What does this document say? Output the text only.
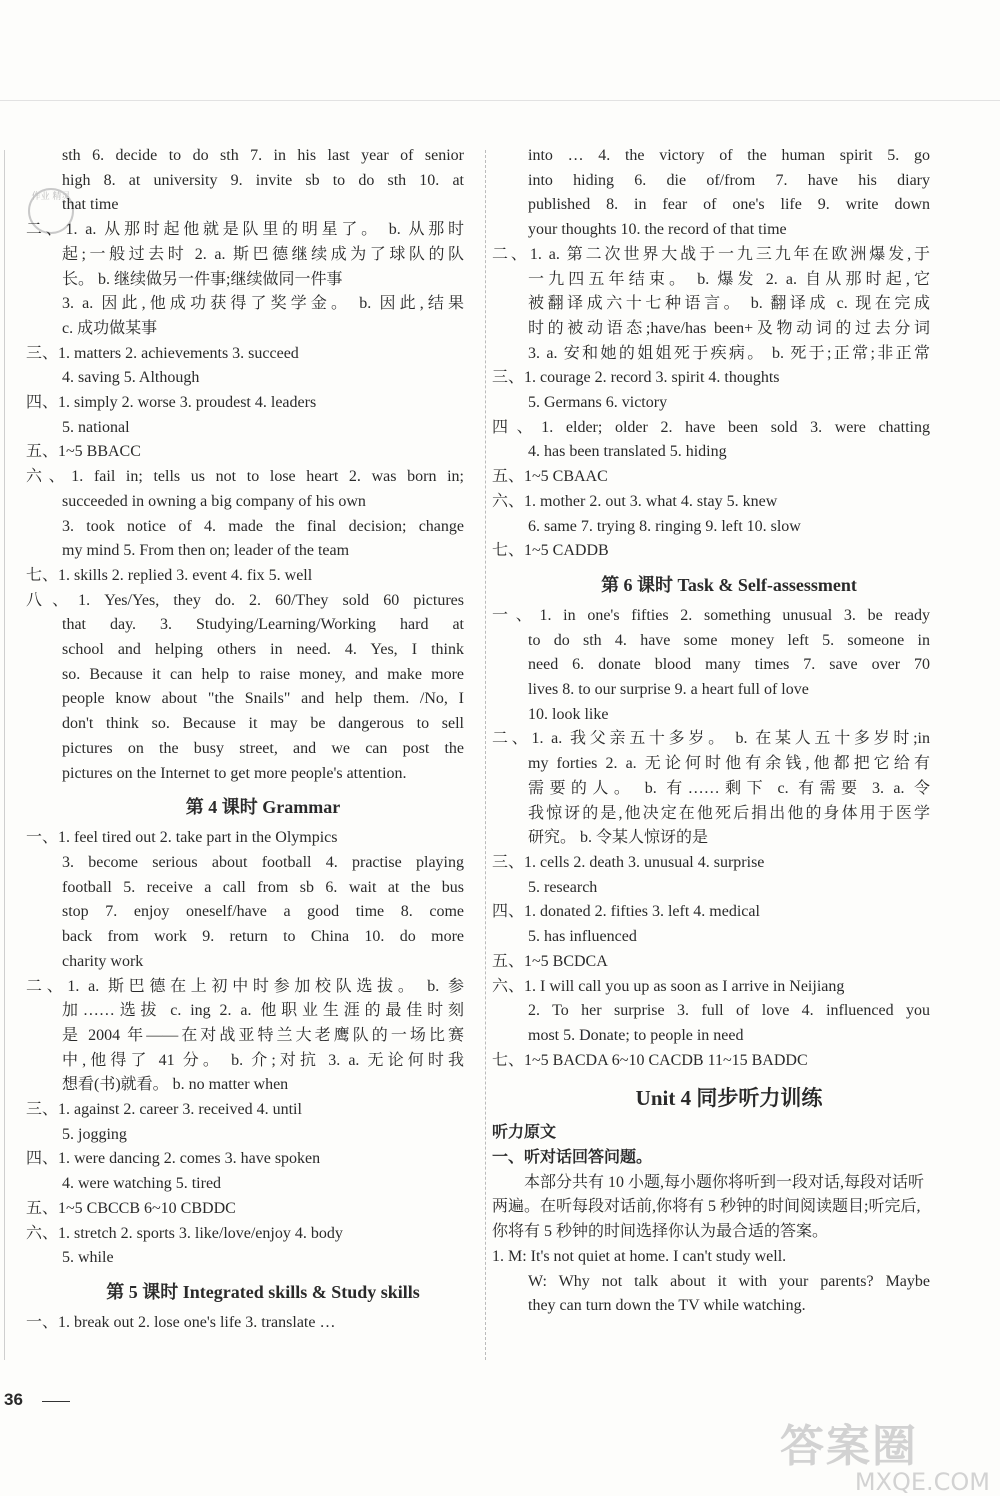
作业 精灵
sth 6. decide to do sth 7. in his last year of senior
high 8. at university 9. invite sb to do sth 10. at
that time
二、1. a. 从那时起他就是队里的明星了。 b. 从那时
起;一般过去时 2. a. 斯巴德继续成为了球队的队
长。 b. 继续做另一件事;继续做同一件事
3. a. 因此,他成功获得了奖学金。 b. 因此,结果
c. 成功做某事
三、1. matters 2. achievements 3. succeed
4. saving 5. Although
四、1. simply 2. worse 3. proudest 4. leaders
5. national
五、1~5 BBACC
六、1. fail in; tells us not to lose heart 2. was born in;
succeeded in owning a big company of his own
3. took notice of 4. made the final decision; change
my mind 5. From then on; leader of the team
七、1. skills 2. replied 3. event 4. fix 5. well
八、1. Yes/Yes, they do. 2. 60/They sold 60 pictures
that day. 3. Studying/Learning/Working hard at
school and helping others in need. 4. Yes, I think
so. Because it can help to raise money, and make more
people know about "the Snails" and help them. /No, I
don't think so. Because it may be dangerous to sell
pictures on the busy street, and we can post the
pictures on the Internet to get more people's attention.
第 4 课时 Grammar
一、1. feel tired out 2. take part in the Olympics
3. become serious about football 4. practise playing
football 5. receive a call from sb 6. wait at the bus
stop 7. enjoy oneself/have a good time 8. come
back from work 9. return to China 10. do more
charity work
二、1. a. 斯巴德在上初中时参加校队选拔。 b. 参
加……选拔 c. ing 2. a. 他职业生涯的最佳时刻
是 2004 年——在对战亚特兰大老鹰队的一场比赛
中,他得了 41 分。 b. 介;对抗 3. a. 无论何时我
想看(书)就看。 b. no matter when
三、1. against 2. career 3. received 4. until
5. jogging
四、1. were dancing 2. comes 3. have spoken
4. were watching 5. tired
五、1~5 CBCCB 6~10 CBDDC
六、1. stretch 2. sports 3. like/love/enjoy 4. body
5. while
第 5 课时 Integrated skills & Study skills
一、1. break out 2. lose one's life 3. translate …
into … 4. the victory of the human spirit 5. go
into hiding 6. die of/from 7. have his diary
published 8. in fear of one's life 9. write down
your thoughts 10. the record of that time
二、1. a. 第二次世界大战于一九三九年在欧洲爆发,于
一九四五年结束。 b. 爆发 2. a. 自从那时起,它
被翻译成六十七种语言。 b. 翻译成 c. 现在完成
时的被动语态;have/has been+及物动词的过去分词
3. a. 安和她的姐姐死于疾病。 b. 死于;正常;非正常
三、1. courage 2. record 3. spirit 4. thoughts
5. Germans 6. victory
四、1. elder; older 2. have been sold 3. were chatting
4. has been translated 5. hiding
五、1~5 CBAAC
六、1. mother 2. out 3. what 4. stay 5. knew
6. same 7. trying 8. ringing 9. left 10. slow
七、1~5 CADDB
第 6 课时 Task & Self-assessment
一、1. in one's fifties 2. something unusual 3. be ready
to do sth 4. have some money left 5. someone in
need 6. donate blood many times 7. save over 70
lives 8. to our surprise 9. a heart full of love
10. look like
二、1. a. 我父亲五十多岁。 b. 在某人五十多岁时;in
my forties 2. a. 无论何时他有余钱,他都把它给有
需要的人。 b. 有……剩下 c. 有需要 3. a. 令
我惊讶的是,他决定在他死后捐出他的身体用于医学
研究。 b. 令某人惊讶的是
三、1. cells 2. death 3. unusual 4. surprise
5. research
四、1. donated 2. fifties 3. left 4. medical
5. has influenced
五、1~5 BCDCA
六、1. I will call you up as soon as I arrive in Neijiang
2. To her surprise 3. full of love 4. influenced you
most 5. Donate; to people in need
七、1~5 BACDA 6~10 CACDB 11~15 BADDC
Unit 4 同步听力训练
听力原文
一、听对话回答问题。
本部分共有 10 小题,每小题你将听到一段对话,每段对话听两遍。在听每段对话前,你将有 5 秒钟的时间阅读题目;听完后,你将有 5 秒钟的时间选择你认为最合适的答案。
1. M: It's not quiet at home. I can't study well.
W: Why not talk about it with your parents? Maybe
they can turn down the TV while watching.
36
答案圈
MXQE.COM
